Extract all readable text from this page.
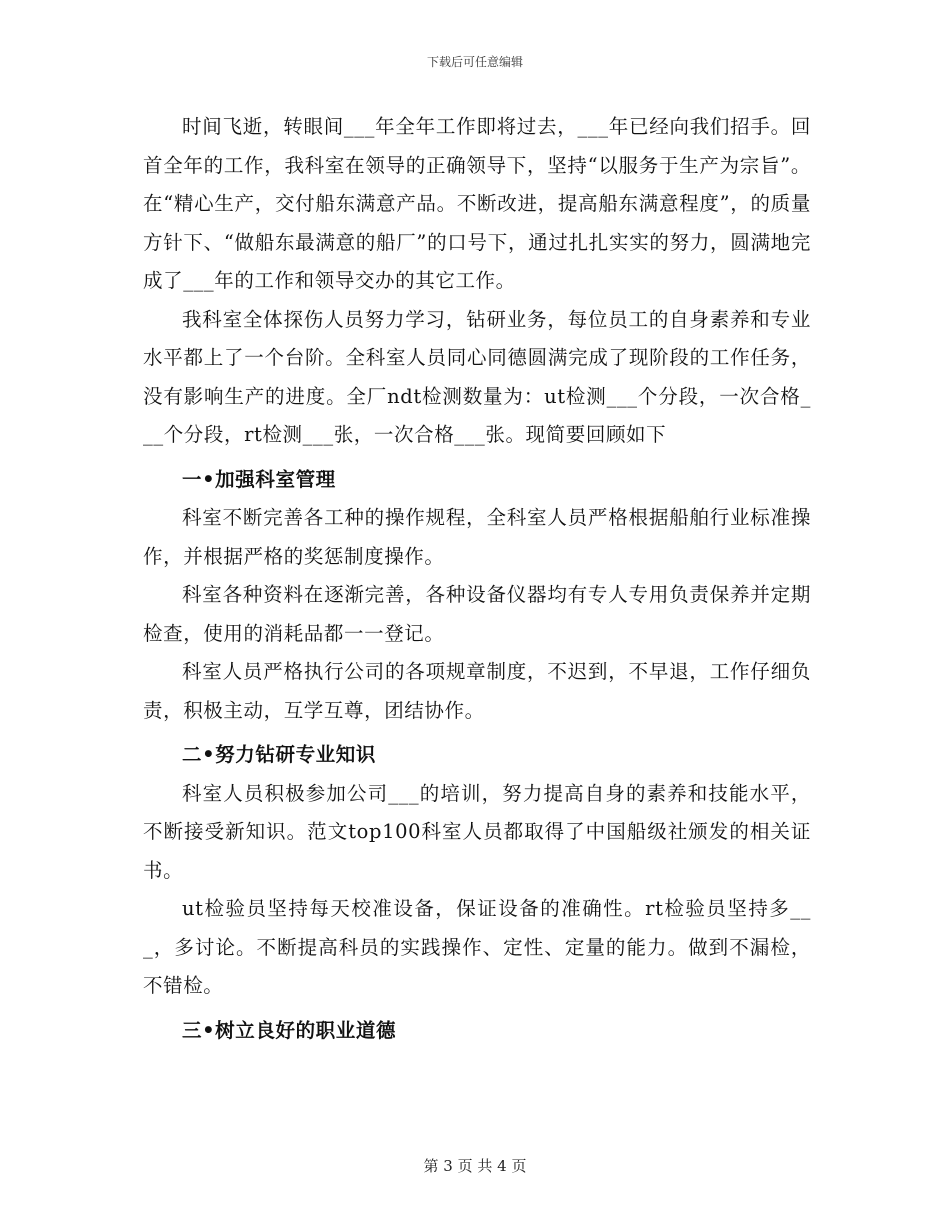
下载后可任意编辑

时间飞逝，转眼间___年全年工作即将过去，___年已经向我们招手。回首全年的工作，我科室在领导的正确领导下，坚持“以服务于生产为宗旨”。在“精心生产，交付船东满意产品。不断改进，提高船东满意程度”，的质量方针下、“做船东最满意的船厂”的口号下，通过扎扎实实的努力，圆满地完成了___年的工作和领导交办的其它工作。

我科室全体探伤人员努力学习，钻研业务，每位员工的自身素养和专业水平都上了一个台阶。全科室人员同心同德圆满完成了现阶段的工作任务，没有影响生产的进度。全厂ndt检测数量为：ut检测___个分段，一次合格___个分段，rt检测___张，一次合格___张。现简要回顾如下

一•加强科室管理

科室不断完善各工种的操作规程，全科室人员严格根据船舶行业标准操作，并根据严格的奖惩制度操作。

科室各种资料在逐渐完善，各种设备仪器均有专人专用负责保养并定期检查，使用的消耗品都一一登记。

科室人员严格执行公司的各项规章制度，不迟到，不早退，工作仔细负责，积极主动，互学互尊，团结协作。

二•努力钻研专业知识

科室人员积极参加公司___的培训，努力提高自身的素养和技能水平，不断接受新知识。范文top100科室人员都取得了中国船级社颁发的相关证书。

ut检验员坚持每天校准设备，保证设备的准确性。rt检验员坚持多___，多讨论。不断提高科员的实践操作、定性、定量的能力。做到不漏检，不错检。

三•树立良好的职业道德

第 3 页 共 4 页
